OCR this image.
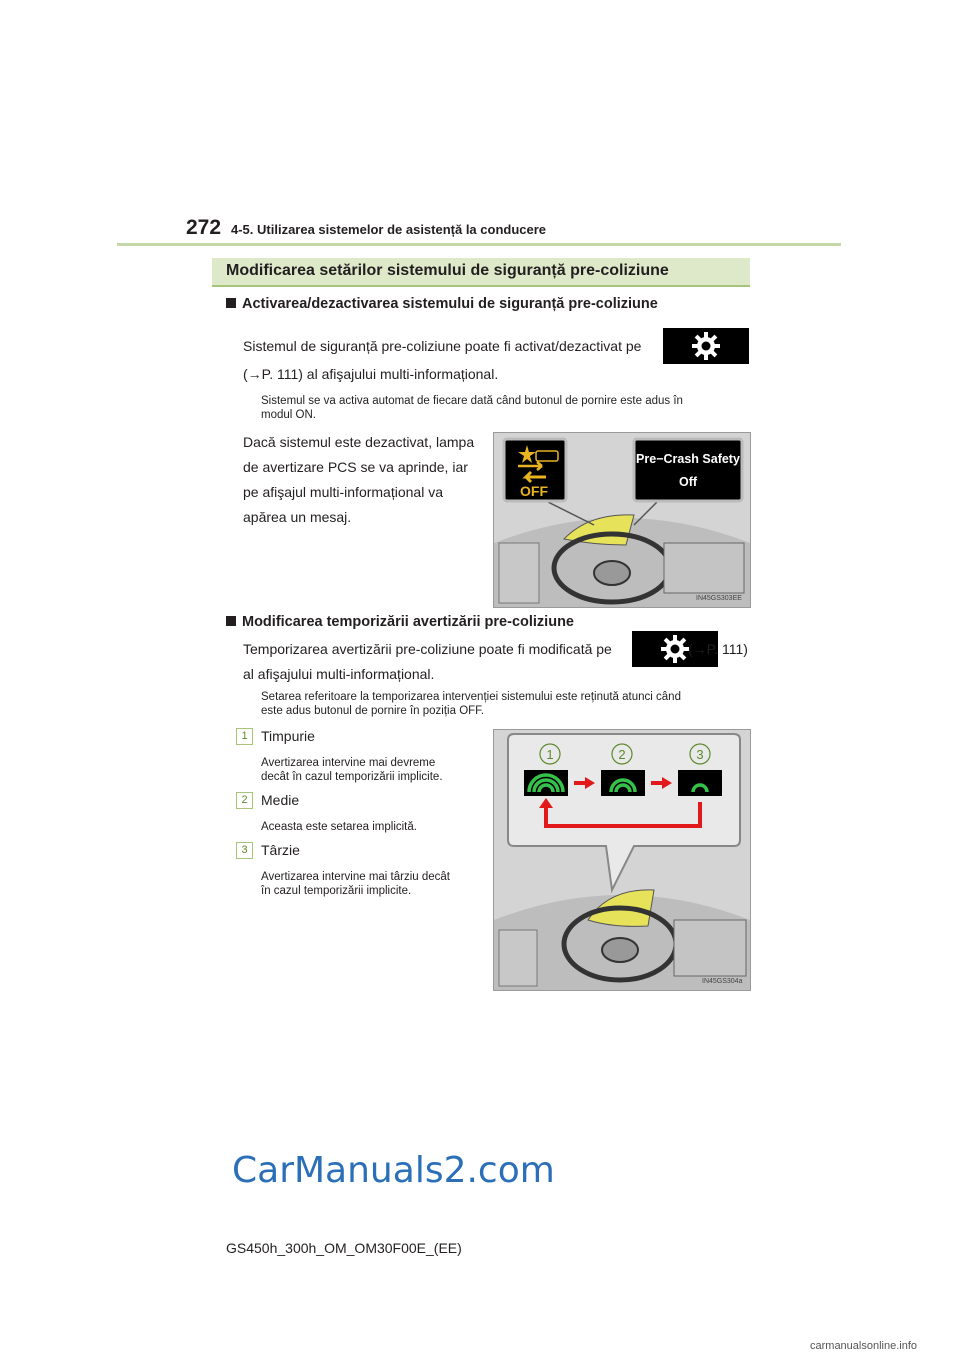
272 4-5. Utilizarea sistemelor de asistență la conducere
Modificarea setărilor sistemului de siguranță pre-coliziune
Activarea/dezactivarea sistemului de siguranță pre-coliziune
Sistemul de siguranță pre-coliziune poate fi activat/dezactivat pe
(→P. 111) al afişajului multi-informațional.
Sistemul se va activa automat de fiecare dată când butonul de pornire este adus în
modul ON.
Dacă sistemul este dezactivat, lampa
de avertizare PCS se va aprinde, iar
pe afişajul multi-informațional va
apărea un mesaj.
OFF
Pre−Crash Safety
Off
IN45GS303EE
Modificarea temporizării avertizării pre-coliziune
Temporizarea avertizării pre-coliziune poate fi modificată pe	(→P. 111)
al afişajului multi-informațional.
Setarea referitoare la temporizarea intervenției sistemului este reținută atunci când
este adus butonul de pornire în poziția OFF.
1 Timpurie
Avertizarea intervine mai devreme
decât în cazul temporizării implicite.
2 Medie
Aceasta este setarea implicită.
3 Târzie
Avertizarea intervine mai târziu decât
în cazul temporizării implicite.
1	2	3
IN45GS304a
CarManuals2.com
GS450h_300h_OM_OM30F00E_(EE)
carmanualsonline.info
